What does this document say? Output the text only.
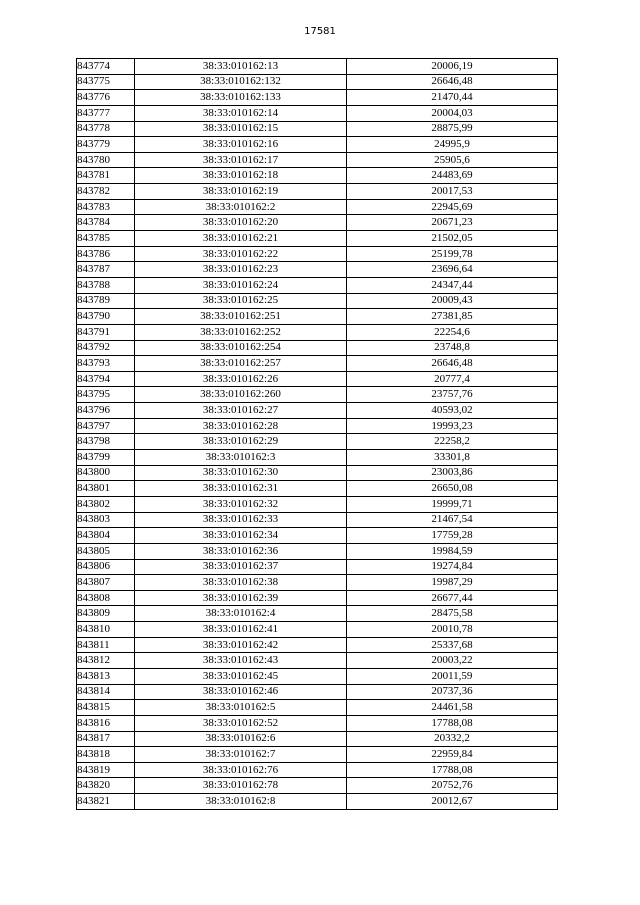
17581
843774	38:33:010162:13	20006,19
843775	38:33:010162:132	26646,48
843776	38:33:010162:133	21470,44
843777	38:33:010162:14	20004,03
843778	38:33:010162:15	28875,99
843779	38:33:010162:16	24995,9
843780	38:33:010162:17	25905,6
843781	38:33:010162:18	24483,69
843782	38:33:010162:19	20017,53
843783	38:33:010162:2	22945,69
843784	38:33:010162:20	20671,23
843785	38:33:010162:21	21502,05
843786	38:33:010162:22	25199,78
843787	38:33:010162:23	23696,64
843788	38:33:010162:24	24347,44
843789	38:33:010162:25	20009,43
843790	38:33:010162:251	27381,85
843791	38:33:010162:252	22254,6
843792	38:33:010162:254	23748,8
843793	38:33:010162:257	26646,48
843794	38:33:010162:26	20777,4
843795	38:33:010162:260	23757,76
843796	38:33:010162:27	40593,02
843797	38:33:010162:28	19993,23
843798	38:33:010162:29	22258,2
843799	38:33:010162:3	33301,8
843800	38:33:010162:30	23003,86
843801	38:33:010162:31	26650,08
843802	38:33:010162:32	19999,71
843803	38:33:010162:33	21467,54
843804	38:33:010162:34	17759,28
843805	38:33:010162:36	19984,59
843806	38:33:010162:37	19274,84
843807	38:33:010162:38	19987,29
843808	38:33:010162:39	26677,44
843809	38:33:010162:4	28475,58
843810	38:33:010162:41	20010,78
843811	38:33:010162:42	25337,68
843812	38:33:010162:43	20003,22
843813	38:33:010162:45	20011,59
843814	38:33:010162:46	20737,36
843815	38:33:010162:5	24461,58
843816	38:33:010162:52	17788,08
843817	38:33:010162:6	20332,2
843818	38:33:010162:7	22959,84
843819	38:33:010162:76	17788,08
843820	38:33:010162:78	20752,76
843821	38:33:010162:8	20012,67
